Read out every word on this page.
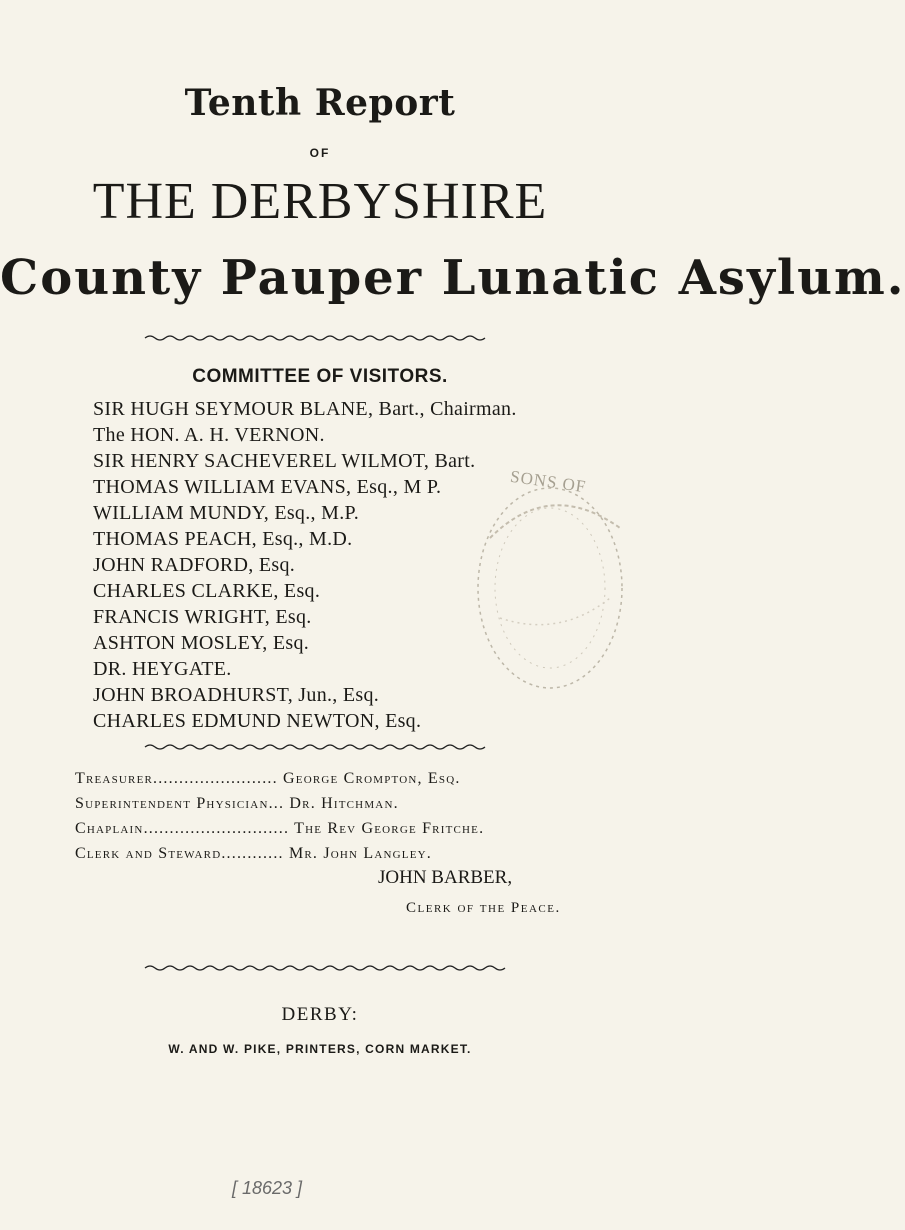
Tenth Report
OF
THE DERBYSHIRE
County Pauper Lunatic Asylum.
COMMITTEE OF VISITORS.
SIR HUGH SEYMOUR BLANE, Bart., Chairman.
The HON. A. H. VERNON.
SIR HENRY SACHEVEREL WILMOT, Bart.
THOMAS WILLIAM EVANS, Esq., M P.
WILLIAM MUNDY, Esq., M.P.
THOMAS PEACH, Esq., M.D.
JOHN RADFORD, Esq.
CHARLES CLARKE, Esq.
FRANCIS WRIGHT, Esq.
ASHTON MOSLEY, Esq.
DR. HEYGATE.
JOHN BROADHURST, Jun., Esq.
CHARLES EDMUND NEWTON, Esq.
Treasurer........................ George Crompton, Esq.
Superintendent Physician... Dr. Hitchman.
Chaplain............................ The Rev George Fritche.
Clerk and Steward............ Mr. John Langley.
JOHN BARBER,
Clerk of the Peace.
DERBY:
W. AND W. PIKE, PRINTERS, CORN MARKET.
SONS OF
[ 18623 ]
